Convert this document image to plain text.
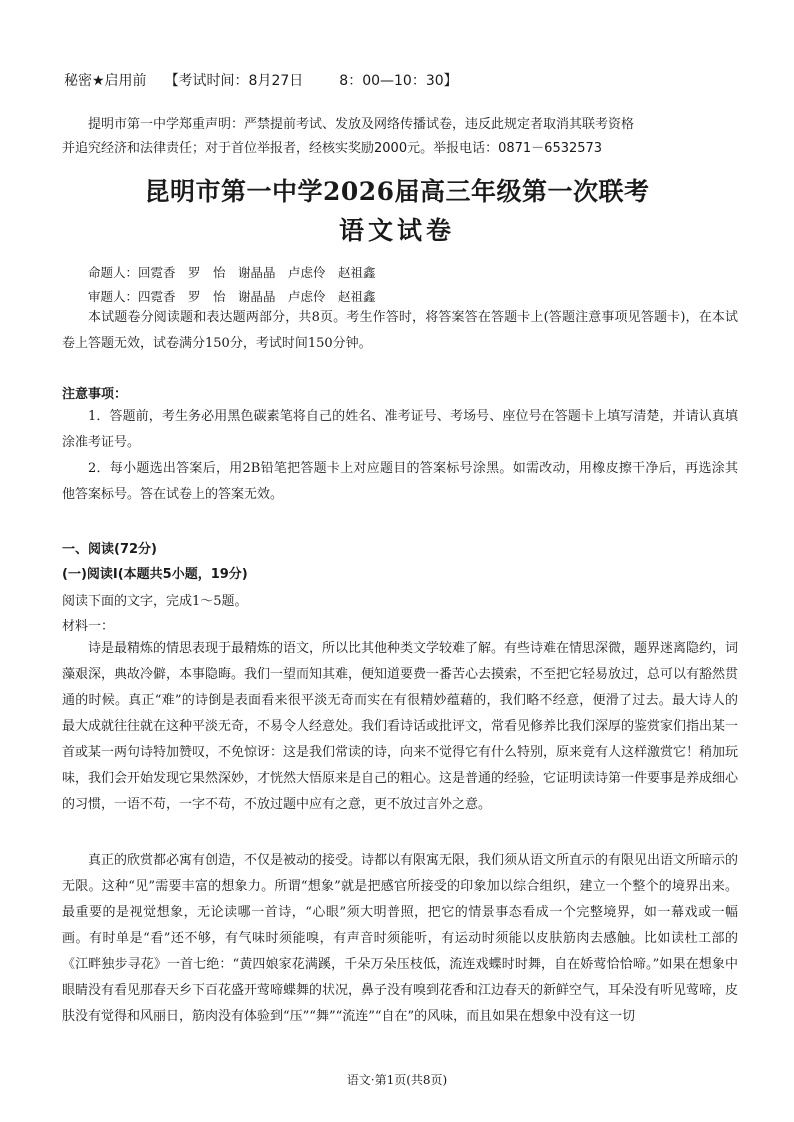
秘密★启用前 【考试时间：8月27日	8：00—10：30】
提明市第一中学郑重声明：严禁提前考试、发放及网络传播试卷，违反此规定者取消其联考资格
并追究经济和法律责任；对于首位举报者，经核实奖励2000元。举报电话：0871－6532573
昆明市第一中学2026届高三年级第一次联考
语文试卷
命题人：回霓香　罗　怡　谢晶晶　卢虑伶　赵祖鑫
审题人：四霓香　罗　怡　谢晶晶　卢虑伶　赵祖鑫
本试题卷分阅读题和表达题两部分，共8页。考生作答时，将答案答在答题卡上(答题注意事项见答题卡)，在本试卷上答题无效，试卷满分150分，考试时间150分钟。
注意事项：
1．答题前，考生务必用黑色碳素笔将自己的姓名、准考证号、考场号、座位号在答题卡上填写清楚，并请认真填涂准考证号。
2．每小题选出答案后，用2B铅笔把答题卡上对应题目的答案标号涂黑。如需改动，用橡皮擦干净后，再选涂其他答案标号。答在试卷上的答案无效。
一、阅读(72分)
(一)阅读Ⅰ(本题共5小题，19分)
阅读下面的文字，完成1～5题。
材料一：
诗是最精炼的情思表现于最精炼的语文，所以比其他种类文学较难了解。有些诗难在情思深微，题界迷离隐约，词藻艰深，典故冷僻，本事隐晦。我们一望而知其难，便知道要费一番苦心去摸索，不至把它轻易放过，总可以有豁然贯通的时候。真正“难”的诗倒是表面看来很平淡无奇而实在有很精妙蕴藉的，我们略不经意，便滑了过去。最大诗人的最大成就往往就在这种平淡无奇，不易令人经意处。我们看诗话或批评文，常看见修养比我们深厚的鉴赏家们指出某一首或某一两句诗特加赞叹，不免惊讶：这是我们常读的诗，向来不觉得它有什么特别，原来竟有人这样激赏它！稍加玩味，我们会开始发现它果然深妙，才恍然大悟原来是自己的粗心。这是普通的经验，它证明读诗第一件要事是养成细心的习惯，一语不苟，一字不苟，不放过题中应有之意，更不放过言外之意。
真正的欣赏都必寓有创造，不仅是被动的接受。诗都以有限寓无限，我们须从语文所直示的有限见出语文所暗示的无限。这种“见”需要丰富的想象力。所谓“想象”就是把感官所接受的印象加以综合组织，建立一个整个的境界出来。最重要的是视觉想象，无论读哪一首诗，“心眼”须大明普照，把它的情景事态看成一个完整境界，如一幕戏或一幅画。有时单是“看”还不够，有气味时须能嗅，有声音时须能听，有运动时须能以皮肤筋肉去感触。比如读杜工部的《江畔独步寻花》一首七绝：“黄四娘家花满蹊，千朵万朵压枝低，流连戏蝶时时舞，自在娇莺恰恰啼。”如果在想象中眼睛没有看见那春天乡下百花盛开莺啼蝶舞的状况，鼻子没有嗅到花香和江边春天的新鲜空气，耳朵没有听见莺啼，皮肤没有觉得和风丽日，筋肉没有体验到“压”“舞”“流连”“自在”的风味，而且如果在想象中没有这一切
语文·第1页(共8页)
